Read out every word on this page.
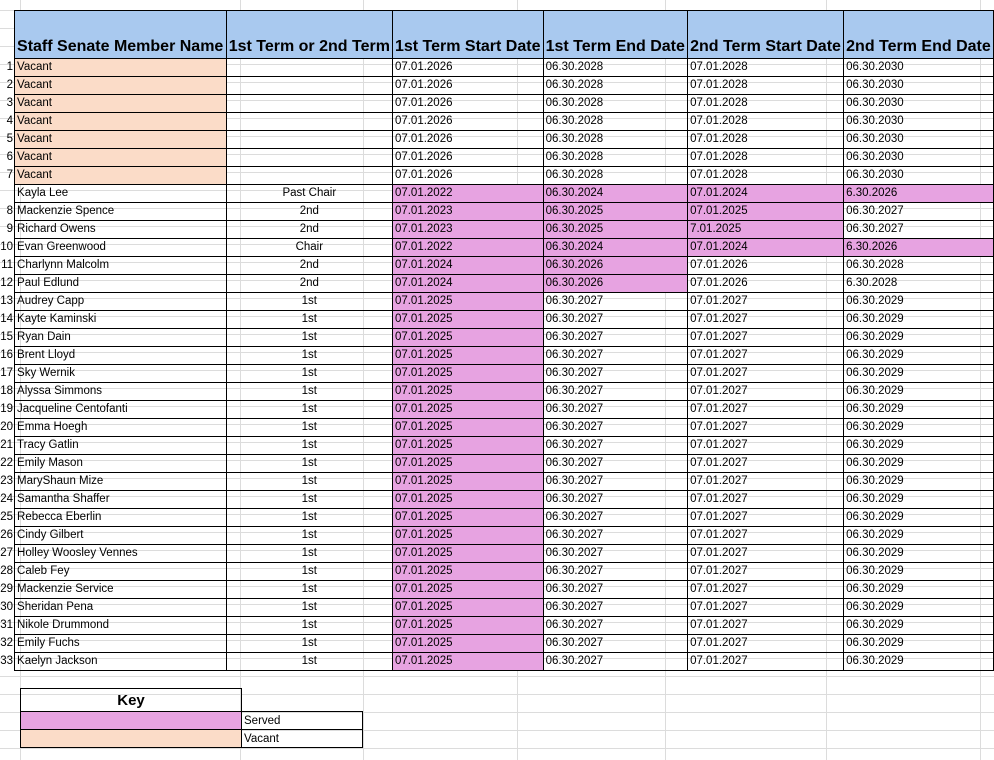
	Staff Senate Member Name	1st Term or 2nd Term	1st Term Start Date	1st Term End Date	2nd Term Start Date	2nd Term End Date
1	Vacant		07.01.2026	06.30.2028	07.01.2028	06.30.2030
2	Vacant		07.01.2026	06.30.2028	07.01.2028	06.30.2030
3	Vacant		07.01.2026	06.30.2028	07.01.2028	06.30.2030
4	Vacant		07.01.2026	06.30.2028	07.01.2028	06.30.2030
5	Vacant		07.01.2026	06.30.2028	07.01.2028	06.30.2030
6	Vacant		07.01.2026	06.30.2028	07.01.2028	06.30.2030
7	Vacant		07.01.2026	06.30.2028	07.01.2028	06.30.2030
	Kayla Lee	Past Chair	07.01.2022	06.30.2024	07.01.2024	6.30.2026
8	Mackenzie Spence	2nd	07.01.2023	06.30.2025	07.01.2025	06.30.2027
9	Richard Owens	2nd	07.01.2023	06.30.2025	7.01.2025	06.30.2027
10	Evan Greenwood	Chair	07.01.2022	06.30.2024	07.01.2024	6.30.2026
11	Charlynn Malcolm	2nd	07.01.2024	06.30.2026	07.01.2026	06.30.2028
12	Paul Edlund	2nd	07.01.2024	06.30.2026	07.01.2026	6.30.2028
13	Audrey Capp	1st	07.01.2025	06.30.2027	07.01.2027	06.30.2029
14	Kayte Kaminski	1st	07.01.2025	06.30.2027	07.01.2027	06.30.2029
15	Ryan Dain	1st	07.01.2025	06.30.2027	07.01.2027	06.30.2029
16	Brent Lloyd	1st	07.01.2025	06.30.2027	07.01.2027	06.30.2029
17	Sky Wernik	1st	07.01.2025	06.30.2027	07.01.2027	06.30.2029
18	Alyssa Simmons	1st	07.01.2025	06.30.2027	07.01.2027	06.30.2029
19	Jacqueline Centofanti	1st	07.01.2025	06.30.2027	07.01.2027	06.30.2029
20	Emma Hoegh	1st	07.01.2025	06.30.2027	07.01.2027	06.30.2029
21	Tracy Gatlin	1st	07.01.2025	06.30.2027	07.01.2027	06.30.2029
22	Emily Mason	1st	07.01.2025	06.30.2027	07.01.2027	06.30.2029
23	MaryShaun Mize	1st	07.01.2025	06.30.2027	07.01.2027	06.30.2029
24	Samantha Shaffer	1st	07.01.2025	06.30.2027	07.01.2027	06.30.2029
25	Rebecca Eberlin	1st	07.01.2025	06.30.2027	07.01.2027	06.30.2029
26	Cindy Gilbert	1st	07.01.2025	06.30.2027	07.01.2027	06.30.2029
27	Holley Woosley Vennes	1st	07.01.2025	06.30.2027	07.01.2027	06.30.2029
28	Caleb Fey	1st	07.01.2025	06.30.2027	07.01.2027	06.30.2029
29	Mackenzie Service	1st	07.01.2025	06.30.2027	07.01.2027	06.30.2029
30	Sheridan Pena	1st	07.01.2025	06.30.2027	07.01.2027	06.30.2029
31	Nikole Drummond	1st	07.01.2025	06.30.2027	07.01.2027	06.30.2029
32	Emily Fuchs	1st	07.01.2025	06.30.2027	07.01.2027	06.30.2029
33	Kaelyn Jackson	1st	07.01.2025	06.30.2027	07.01.2027	06.30.2029
Key	
	Served
	Vacant
